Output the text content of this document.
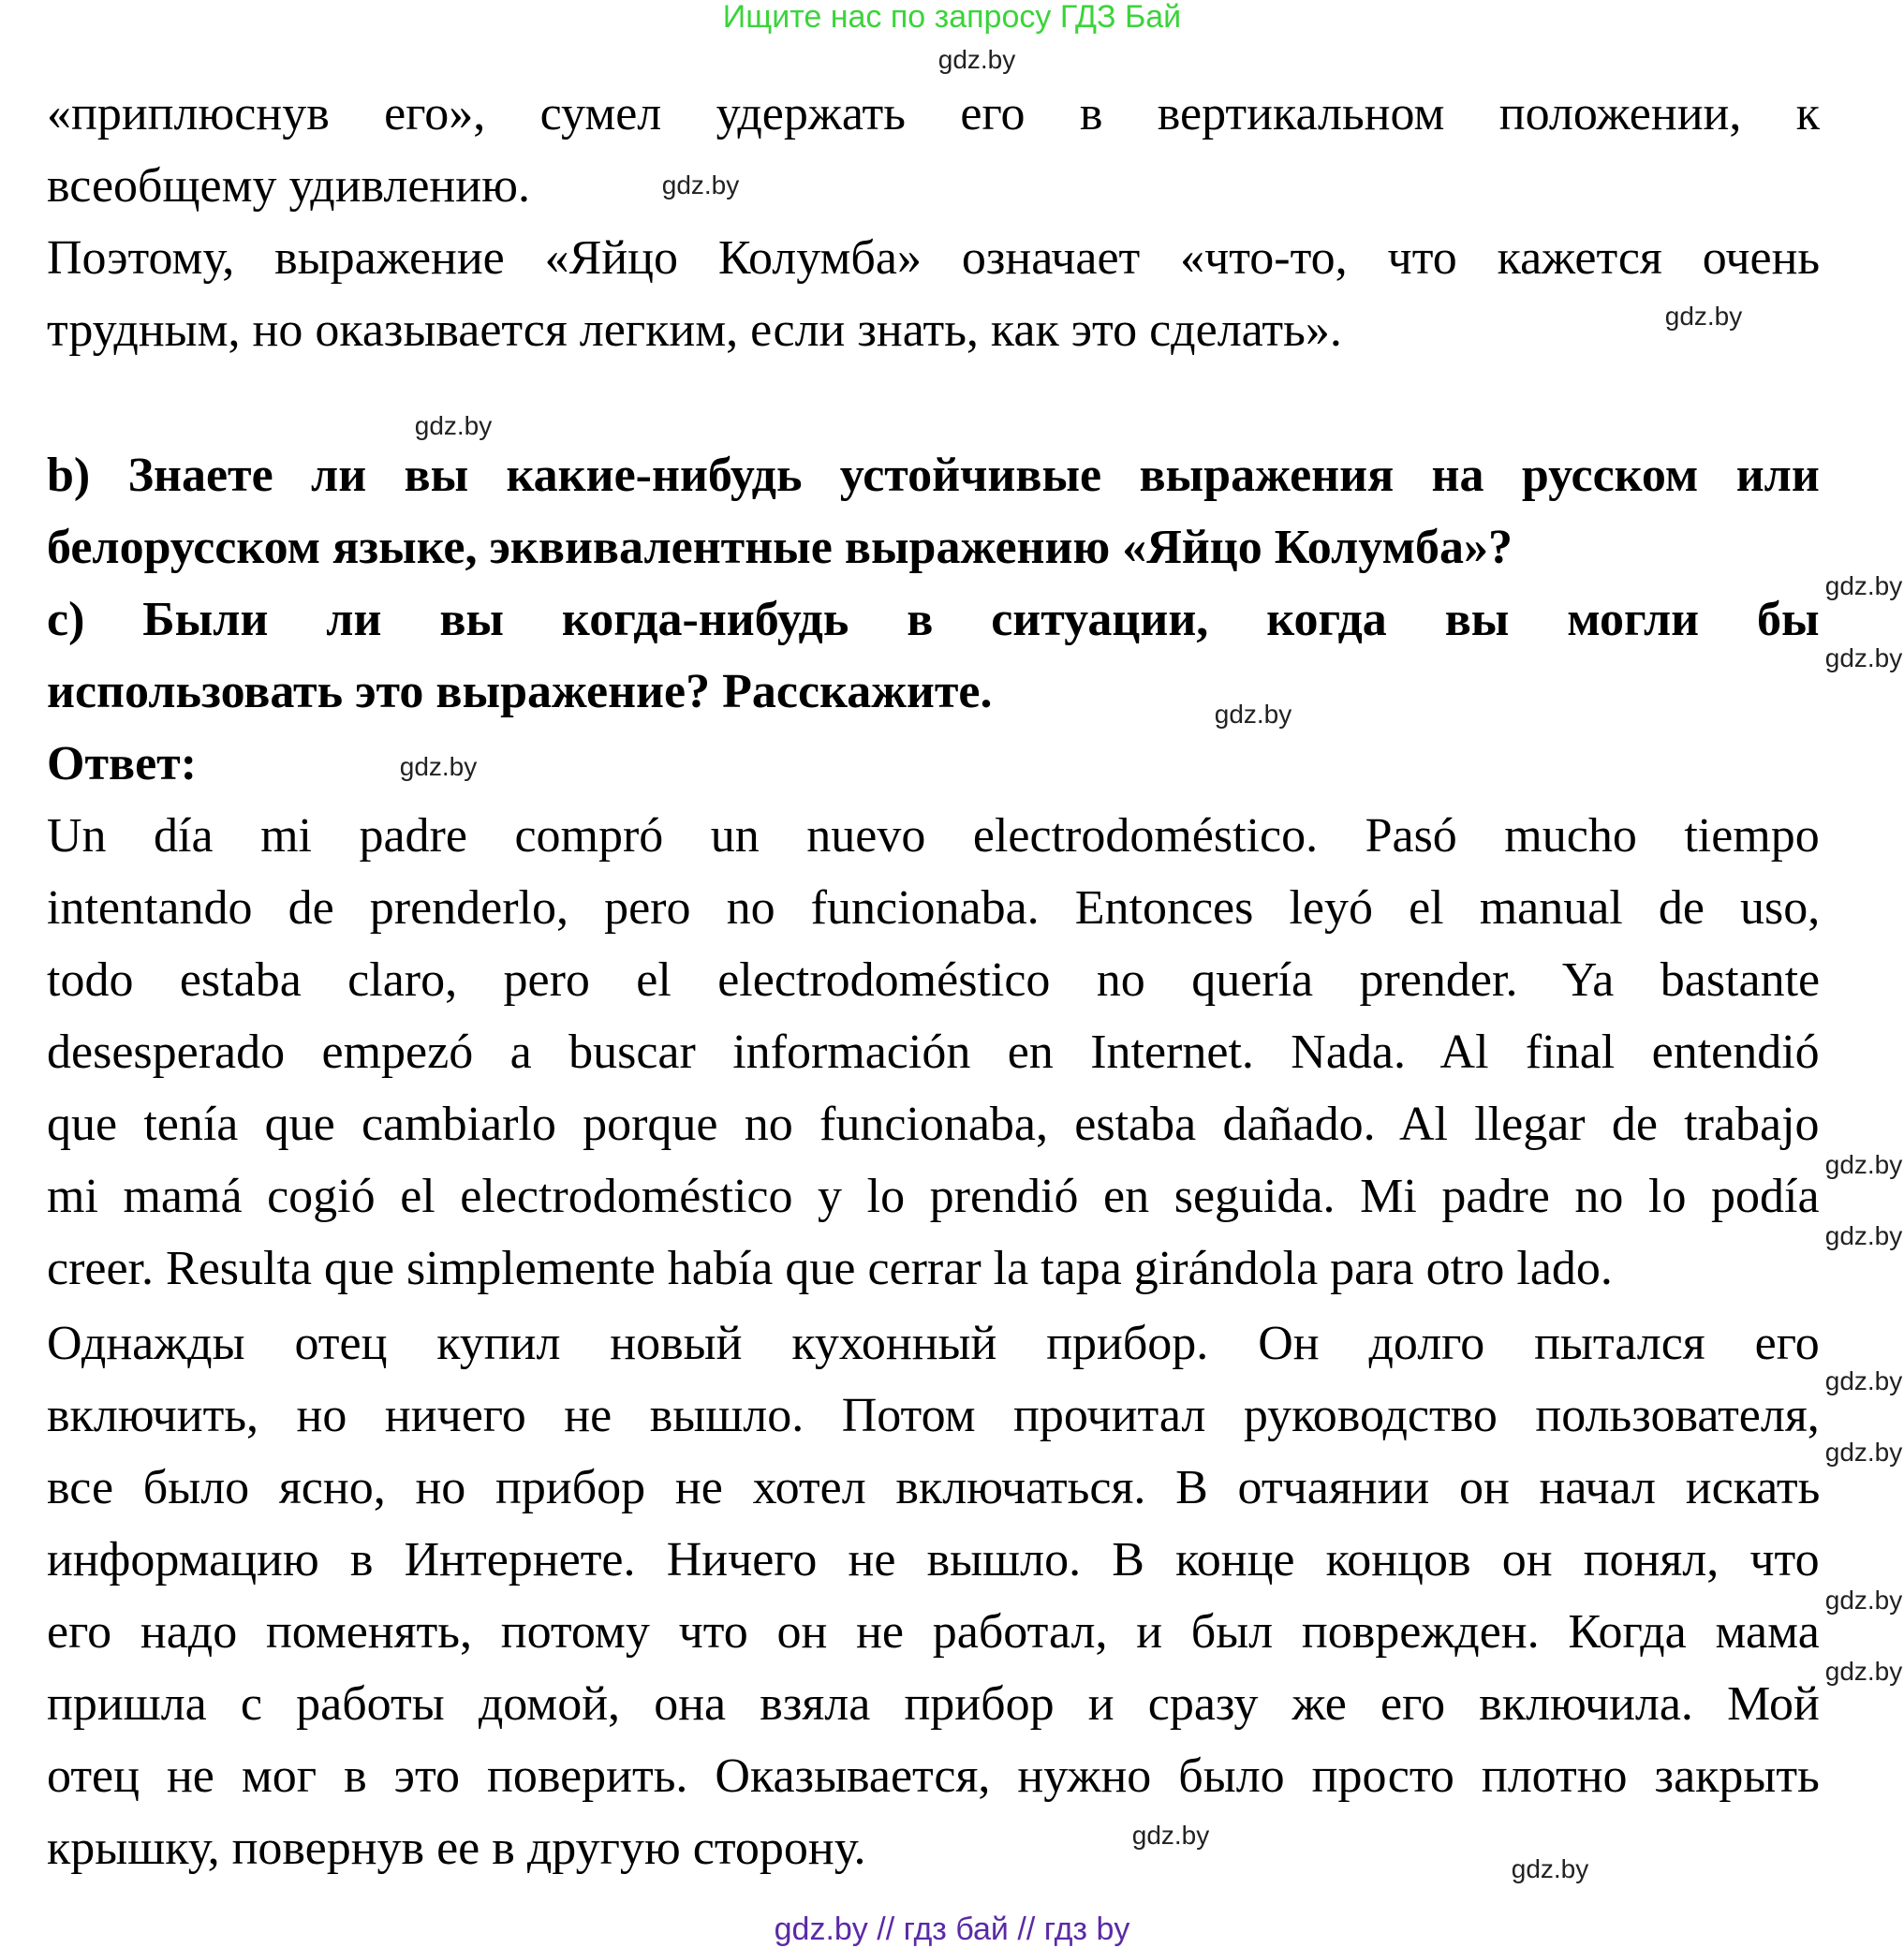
Ищите нас по запросу ГДЗ Бай
«приплюснув его», сумел удержать его в вертикальном положении, к
всеобщему удивлению.
Поэтому, выражение «Яйцо Колумба» означает «что-то, что кажется очень
трудным, но оказывается легким, если знать, как это сделать».
b) Знаете ли вы какие-нибудь устойчивые выражения на русском или
белорусском языке, эквивалентные выражению «Яйцо Колумба»?
c) Были ли вы когда-нибудь в ситуации, когда вы могли бы
использовать это выражение? Расскажите.
Ответ:
Un día mi padre compró un nuevo electrodoméstico. Pasó mucho tiempo
intentando de prenderlo, pero no funcionaba. Entonces leyó el manual de uso,
todo estaba claro, pero el electrodoméstico no quería prender. Ya bastante
desesperado empezó a buscar información en Internet. Nada. Al final entendió
que tenía que cambiarlo porque no funcionaba, estaba dañado. Al llegar de trabajo
mi mamá cogió el electrodoméstico y lo prendió en seguida. Mi padre no lo podía
creer. Resulta que simplemente había que cerrar la tapa girándola para otro lado.
Однажды отец купил новый кухонный прибор. Он долго пытался его
включить, но ничего не вышло. Потом прочитал руководство пользователя,
все было ясно, но прибор не хотел включаться. В отчаянии он начал искать
информацию в Интернете. Ничего не вышло. В конце концов он понял, что
его надо поменять, потому что он не работал, и был поврежден. Когда мама
пришла с работы домой, она взяла прибор и сразу же его включила. Мой
отец не мог в это поверить. Оказывается, нужно было просто плотно закрыть
крышку, повернув ее в другую сторону.
gdz.by
gdz.by
gdz.by
gdz.by
gdz.by
gdz.by
gdz.by
gdz.by
gdz.by
gdz.by
gdz.by
gdz.by
gdz.by
gdz.by
gdz.by
gdz.by
gdz.by // гдз бай // гдз by
